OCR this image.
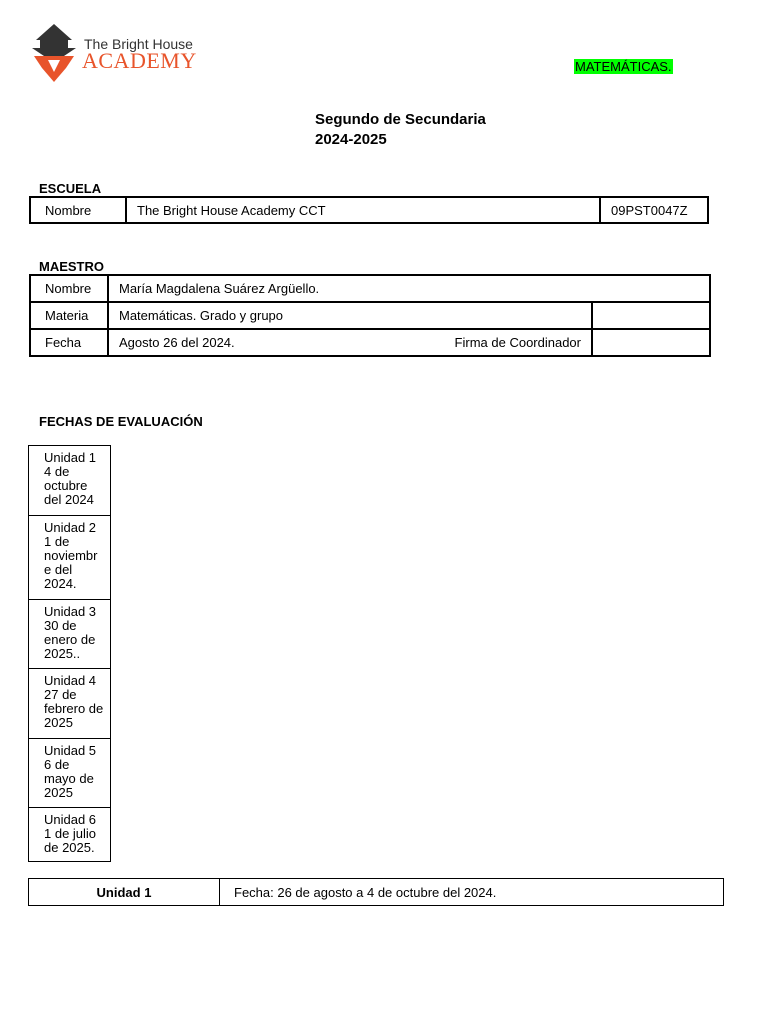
The Bright House
ACADEMY	MATEMÁTICAS.
Segundo de Secundaria
2024-2025
ESCUELA
Nombre	The Bright House Academy CCT	09PST0047Z
MAESTRO
Nombre	María Magdalena Suárez Argüello.	
Materia	Matemáticas. Grado y grupo	
Fecha	Agosto 26 del 2024. Firma de Coordinador	

FECHAS DE EVALUACIÓN
Unidad 1
4 de
octubre
del 2024
Unidad 2
1 de
noviembr
e del
2024.
Unidad 3
30 de
enero de
2025..
Unidad 4
27 de
febrero de
2025
Unidad 5
6 de
mayo de
2025
Unidad 6
1 de julio
de 2025.
Unidad 1	Fecha: 26 de agosto a 4 de octubre del 2024.
